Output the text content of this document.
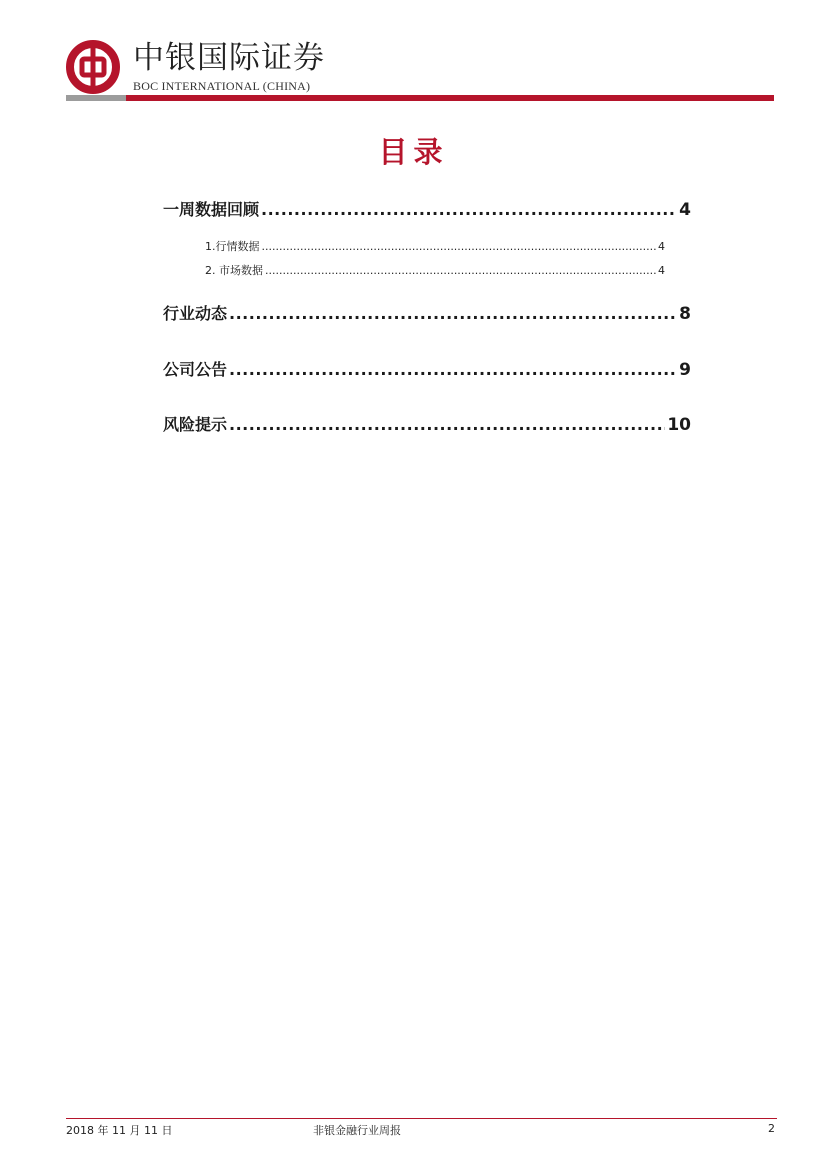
中银国际证券
BOC INTERNATIONAL (CHINA)
目录
一周数据回顾 .....	4
1.行情数据 .....	4
2. 市场数据 .....	4
行业动态 .....	8
公司公告 .....	9
风险提示 .....	10
2018 年 11 月 11 日	非银金融行业周报	2
